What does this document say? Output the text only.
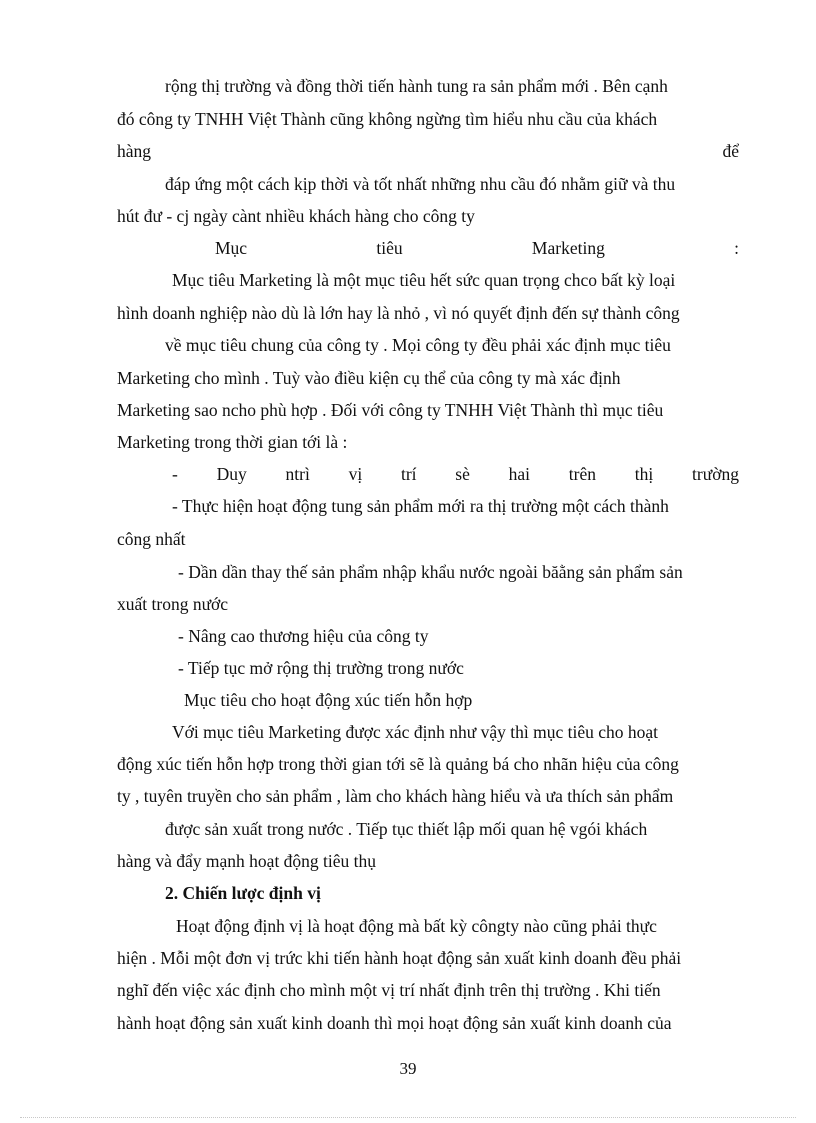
rộng thị trường và đồng thời tiến hành tung ra sản phẩm mới . Bên cạnh
đó công ty TNHH Việt Thành cũng không ngừng tìm hiểu nhu cầu của khách
hàng	để
đáp ứng một cách kịp thời và tốt nhất những nhu cầu đó nhằm giữ và thu
hút đư - cj ngày cànt nhiều khách hàng cho công ty
Mục	tiêu	Marketing	:
Mục tiêu Marketing là một mục tiêu hết sức quan trọng chco bất kỳ loại
hình doanh nghiệp nào dù là lớn hay là nhỏ , vì nó quyết định đến sự thành công
về mục tiêu chung của công ty . Mọi công ty đều phải xác định mục tiêu
Marketing cho mình . Tuỳ vào điều kiện cụ thể của công ty mà xác định
Marketing sao ncho phù hợp . Đối với công ty TNHH Việt Thành thì mục tiêu
Marketing trong thời gian tới là :
- Duy ntrì vị trí sè hai trên thị trường
- Thực hiện hoạt động tung sản phẩm mới ra thị trường một cách thành
công nhất
- Dần dần thay thế sản phẩm nhập khẩu nước ngoài băằng sản phẩm sản
xuất trong nước
- Nâng cao thương hiệu của công ty
- Tiếp tục mở rộng thị trường trong nước
Mục tiêu cho hoạt động xúc tiến hỗn hợp
Với mục tiêu Marketing được xác định như vậy thì mục tiêu cho hoạt
động xúc tiến hỗn hợp trong thời gian tới sẽ là quảng bá cho nhãn hiệu của công
ty , tuyên truyền cho sản phẩm , làm cho khách hàng hiểu và ưa thích sản phẩm
được sản xuất trong nước . Tiếp tục thiết lập mối quan hệ vgói khách
hàng và đẩy mạnh hoạt động tiêu thụ
2. Chiến lược định vị
Hoạt động định vị là hoạt động mà bất kỳ côngty nào cũng phải thực
hiện . Mỗi một đơn vị trức khi tiến hành hoạt động sản xuất kinh doanh đều phải
nghĩ đến việc xác định cho mình một vị trí nhất định trên thị trường . Khi tiến
hành hoạt động sản xuất kinh doanh thì mọi hoạt động sản xuất kinh doanh của
39
